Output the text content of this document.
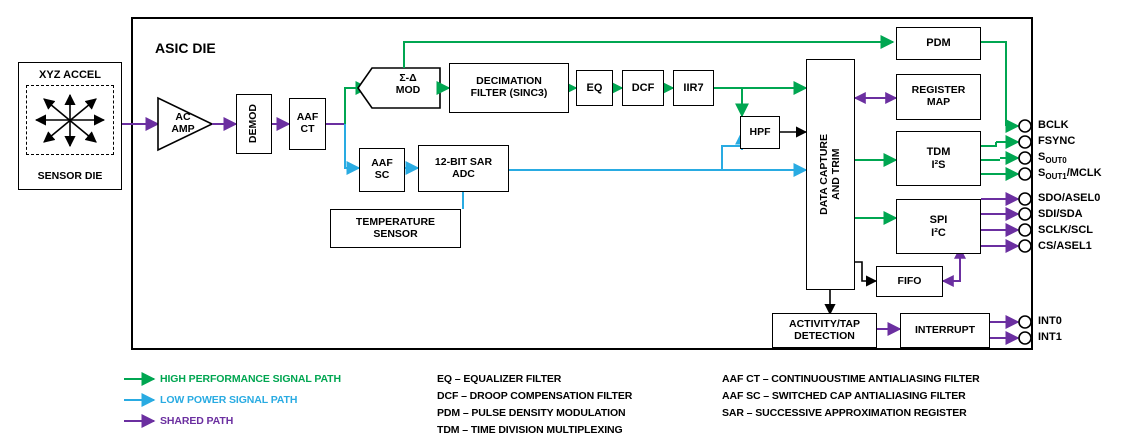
ASIC DIE
XYZ ACCEL
SENSOR DIE
AC
AMP	DEMOD	AAF
CT
Σ-Δ
MOD
DECIMATION
FILTER (SINC3)	EQ	DCF	IIR7
HPF
AAF
SC
12-BIT SAR
ADC
TEMPERATURE
SENSOR
DATA CAPTURE
AND TRIM
PDM
REGISTER
MAP
TDM
I²S
SPI
I²C
FIFO
ACTIVITY/TAP
DETECTION	INTERRUPT
BCLK
FSYNC
$S_{OUT0}$
$S_{OUT1}$/MCLK
SDO/ASEL0
SDI/SDA
SCLK/SCL
CS/ASEL1
INT0
INT1
HIGH PERFORMANCE SIGNAL PATH
LOW POWER SIGNAL PATH
SHARED PATH
EQ – EQUALIZER FILTER
DCF – DROOP COMPENSATION FILTER
PDM – PULSE DENSITY MODULATION
TDM – TIME DIVISION MULTIPLEXING
AAF CT – CONTINUOUSTIME ANTIALIASING FILTER
AAF SC – SWITCHED CAP ANTIALIASING FILTER
SAR – SUCCESSIVE APPROXIMATION REGISTER
